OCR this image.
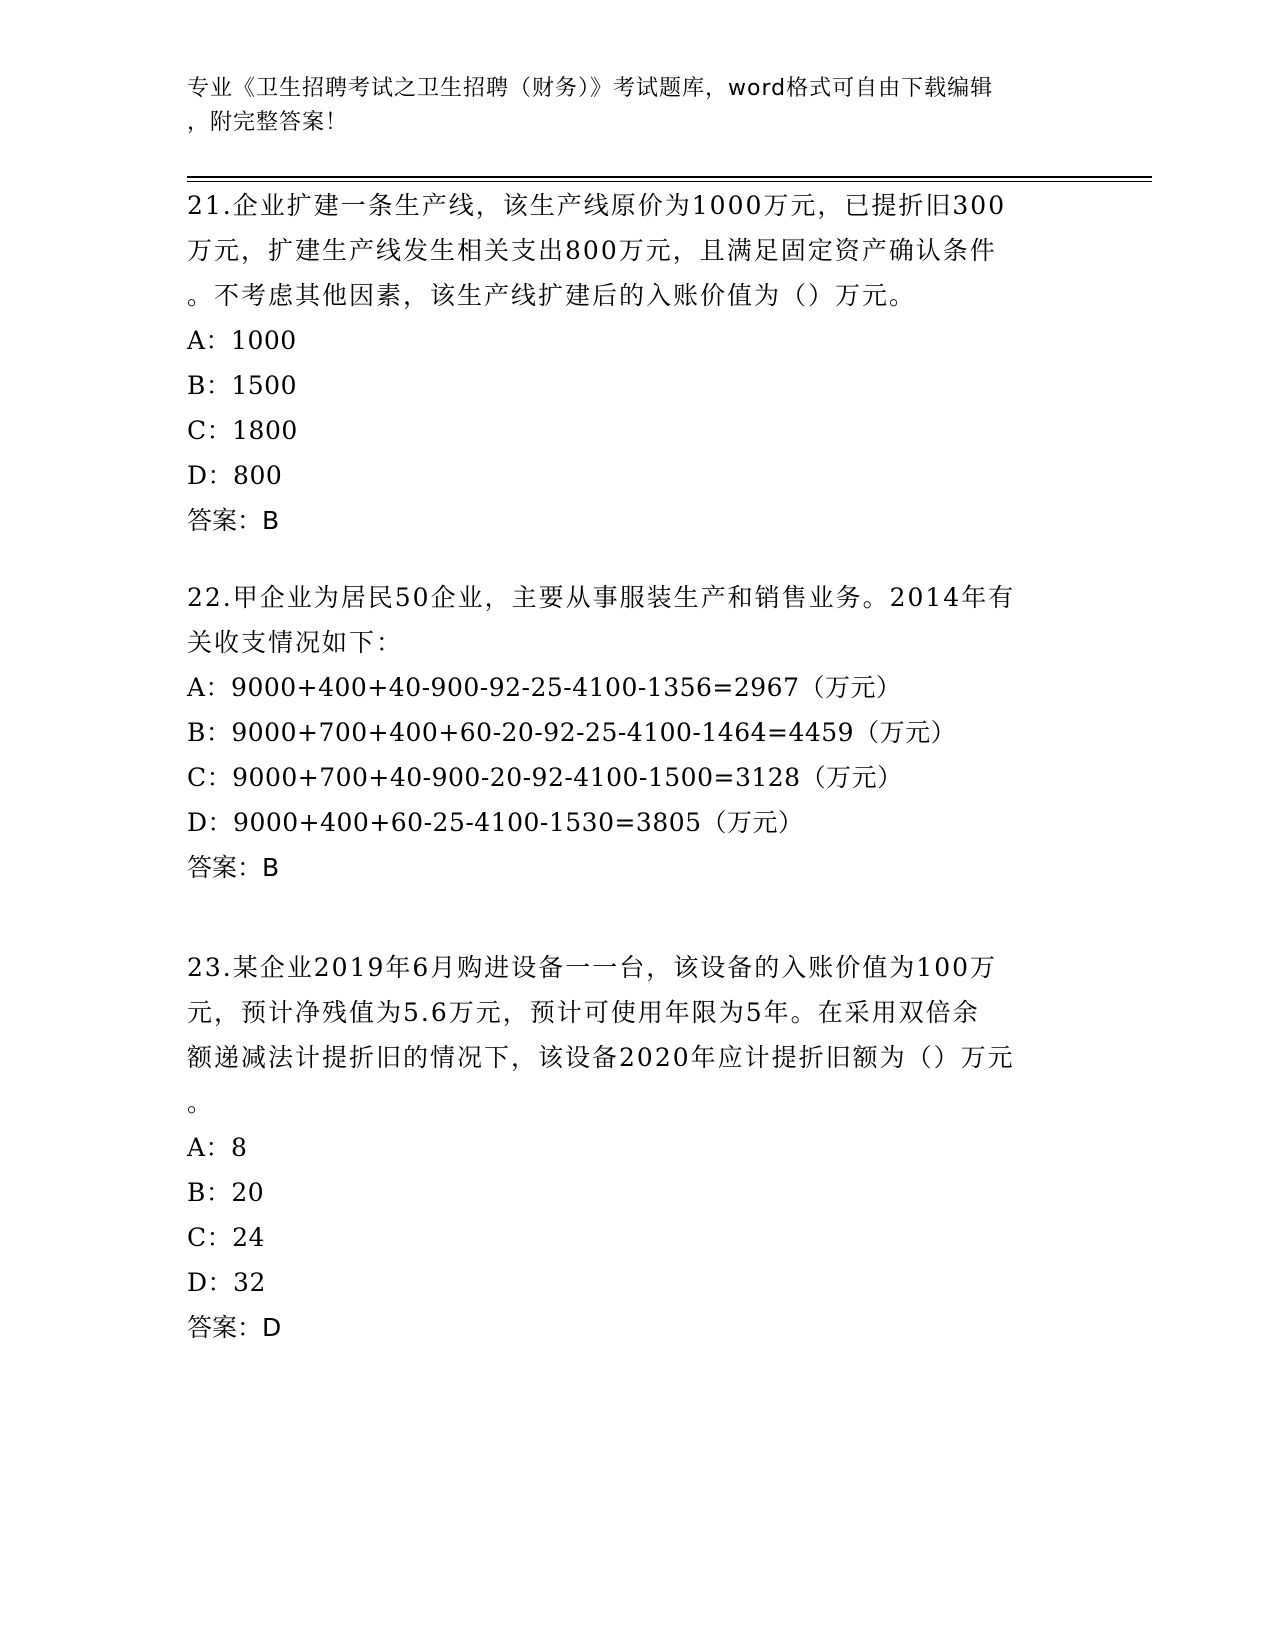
专业《卫生招聘考试之卫生招聘（财务）》考试题库，word格式可自由下载编辑
，附完整答案！

21.企业扩建一条生产线，该生产线原价为1000万元，已提折旧300

万元，扩建生产线发生相关支出800万元，且满足固定资产确认条件

。不考虑其他因素，该生产线扩建后的入账价值为（）万元。

A：1000

B：1500

C：1800

D：800

答案：B

22.甲企业为居民50企业，主要从事服装生产和销售业务。2014年有

关收支情况如下：

A：9000+400+40-900-92-25-4100-1356=2967（万元）

B：9000+700+400+60-20-92-25-4100-1464=4459（万元）

C：9000+700+40-900-20-92-4100-1500=3128（万元）

D：9000+400+60-25-4100-1530=3805（万元）

答案：B

23.某企业2019年6月购进设备一一台，该设备的入账价值为100万

元，预计净残值为5.6万元，预计可使用年限为5年。在采用双倍余

额递减法计提折旧的情况下，该设备2020年应计提折旧额为（）万元

。

A：8

B：20

C：24

D：32

答案：D
